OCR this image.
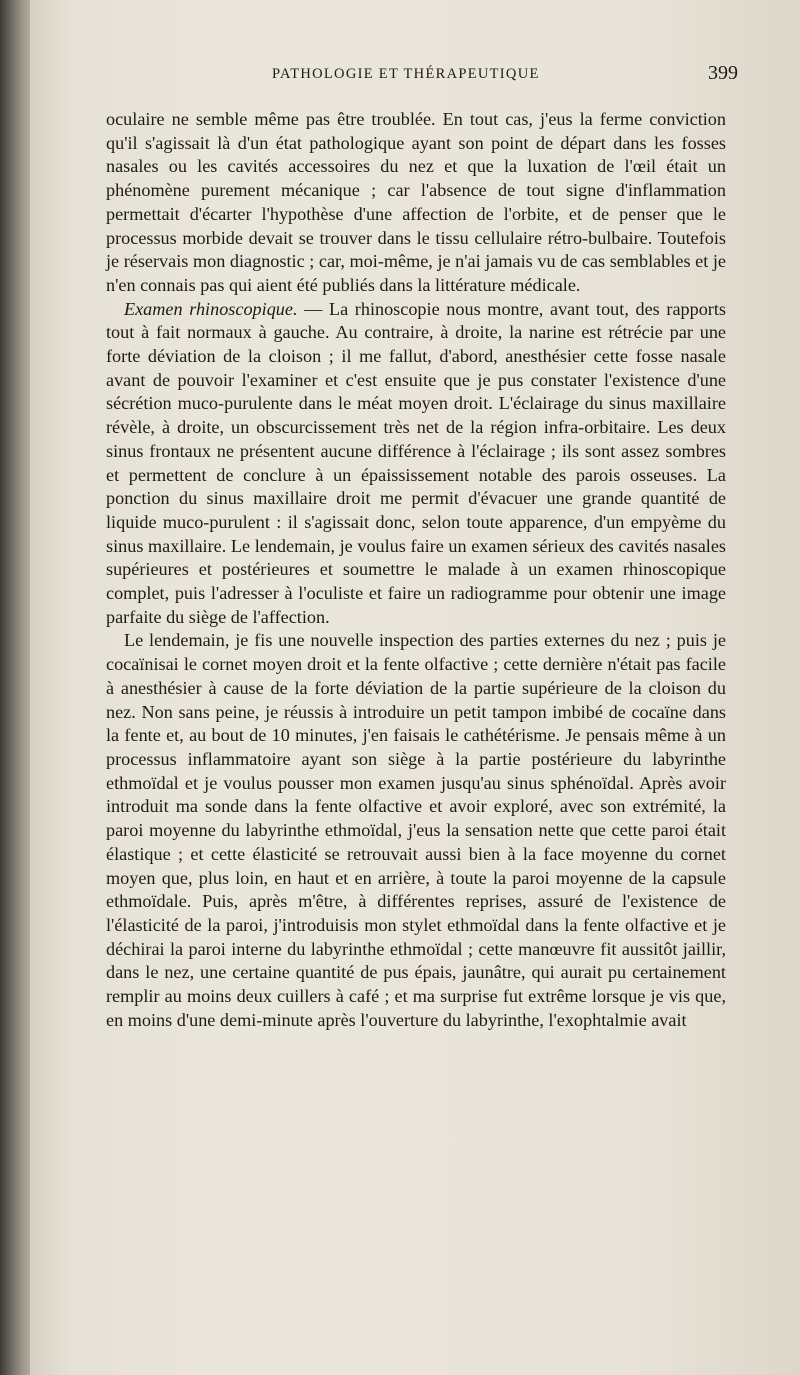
PATHOLOGIE ET THÉRAPEUTIQUE	399

oculaire ne semble même pas être troublée. En tout cas, j'eus la ferme conviction qu'il s'agissait là d'un état pathologique ayant son point de départ dans les fosses nasales ou les cavités accessoires du nez et que la luxation de l'œil était un phénomène purement mécanique ; car l'absence de tout signe d'inflammation permettait d'écarter l'hypothèse d'une affection de l'orbite, et de penser que le processus morbide devait se trouver dans le tissu cellulaire rétro-bulbaire. Toutefois je réservais mon diagnostic ; car, moi-même, je n'ai jamais vu de cas semblables et je n'en connais pas qui aient été publiés dans la littérature médicale.

Examen rhinoscopique. — La rhinoscopie nous montre, avant tout, des rapports tout à fait normaux à gauche. Au contraire, à droite, la narine est rétrécie par une forte déviation de la cloison ; il me fallut, d'abord, anesthésier cette fosse nasale avant de pouvoir l'examiner et c'est ensuite que je pus constater l'existence d'une sécrétion muco-purulente dans le méat moyen droit. L'éclairage du sinus maxillaire révèle, à droite, un obscurcissement très net de la région infra-orbitaire. Les deux sinus frontaux ne présentent aucune différence à l'éclairage ; ils sont assez sombres et permettent de conclure à un épaississement notable des parois osseuses. La ponction du sinus maxillaire droit me permit d'évacuer une grande quantité de liquide muco-purulent : il s'agissait donc, selon toute apparence, d'un empyème du sinus maxillaire. Le lendemain, je voulus faire un examen sérieux des cavités nasales supérieures et postérieures et soumettre le malade à un examen rhinoscopique complet, puis l'adresser à l'oculiste et faire un radiogramme pour obtenir une image parfaite du siège de l'affection.

Le lendemain, je fis une nouvelle inspection des parties externes du nez ; puis je cocaïnisai le cornet moyen droit et la fente olfactive ; cette dernière n'était pas facile à anesthésier à cause de la forte déviation de la partie supérieure de la cloison du nez. Non sans peine, je réussis à introduire un petit tampon imbibé de cocaïne dans la fente et, au bout de 10 minutes, j'en faisais le cathétérisme. Je pensais même à un processus inflammatoire ayant son siège à la partie postérieure du labyrinthe ethmoïdal et je voulus pousser mon examen jusqu'au sinus sphénoïdal. Après avoir introduit ma sonde dans la fente olfactive et avoir exploré, avec son extrémité, la paroi moyenne du labyrinthe ethmoïdal, j'eus la sensation nette que cette paroi était élastique ; et cette élasticité se retrouvait aussi bien à la face moyenne du cornet moyen que, plus loin, en haut et en arrière, à toute la paroi moyenne de la capsule ethmoïdale. Puis, après m'être, à différentes reprises, assuré de l'existence de l'élasticité de la paroi, j'introduisis mon stylet ethmoïdal dans la fente olfactive et je déchirai la paroi interne du labyrinthe ethmoïdal ; cette manœuvre fit aussitôt jaillir, dans le nez, une certaine quantité de pus épais, jaunâtre, qui aurait pu certainement remplir au moins deux cuillers à café ; et ma surprise fut extrême lorsque je vis que, en moins d'une demi-minute après l'ouverture du labyrinthe, l'exophtalmie avait
